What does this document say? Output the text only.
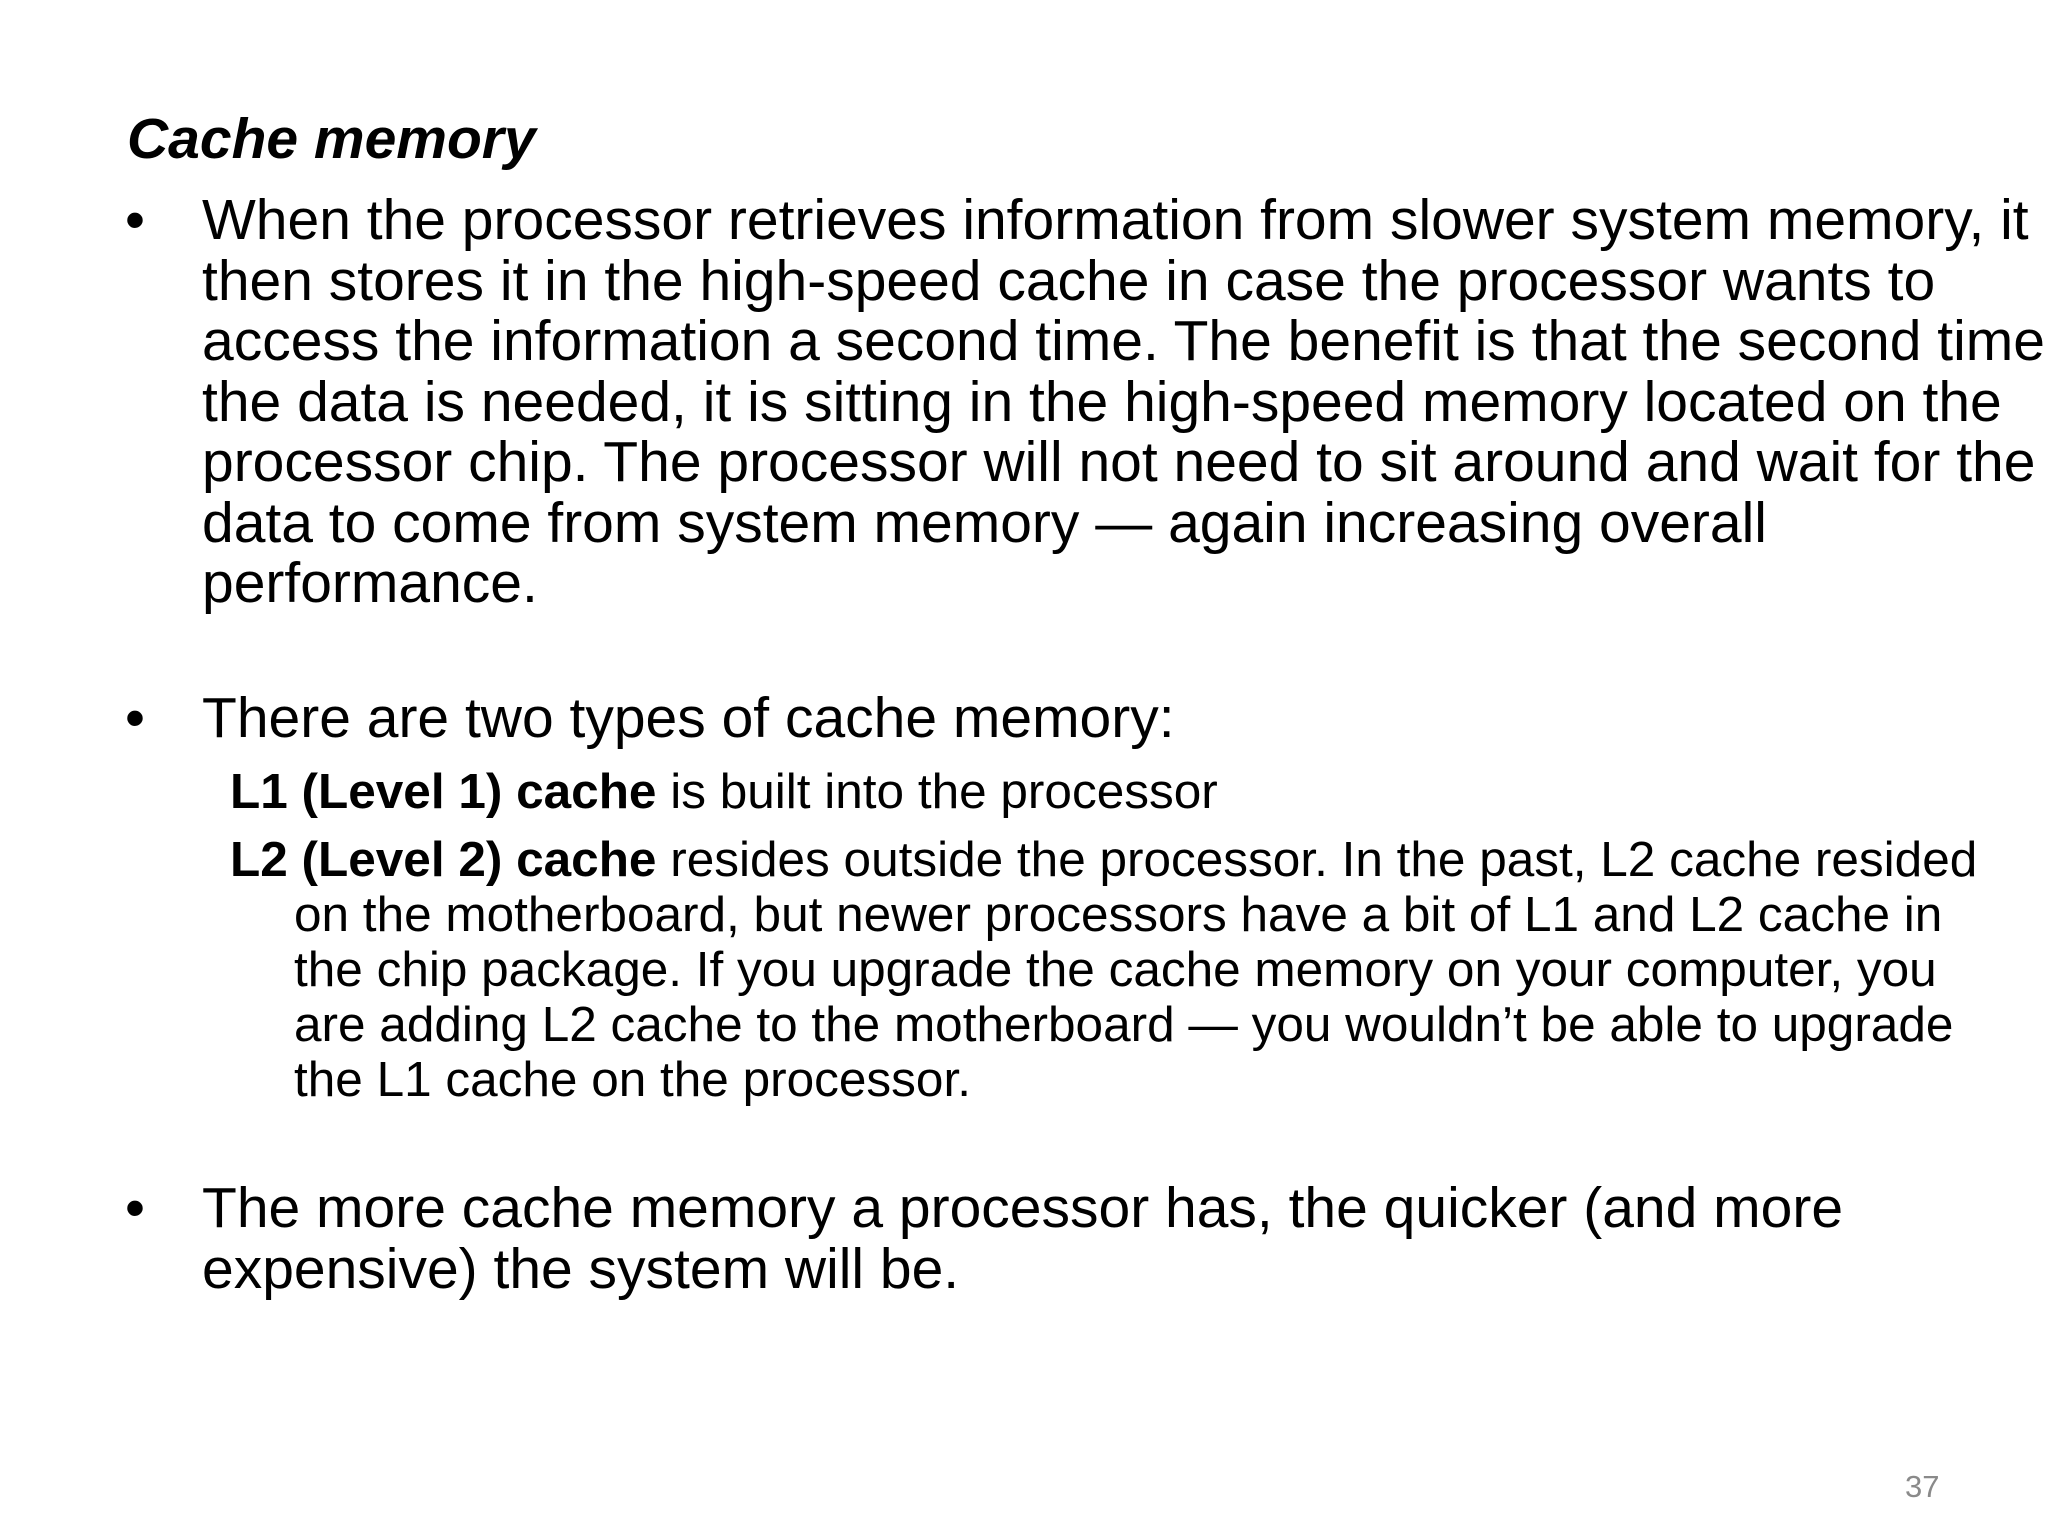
Cache memory
• When the processor retrieves information from slower system memory, it then stores it in the high-speed cache in case the processor wants to access the information a second time. The benefit is that the second time the data is needed, it is sitting in the high-speed memory located on the processor chip. The processor will not need to sit around and wait for the data to come from system memory — again increasing overall performance.
• There are two types of cache memory:
L1 (Level 1) cache is built into the processor
L2 (Level 2) cache resides outside the processor. In the past, L2 cache resided on the motherboard, but newer processors have a bit of L1 and L2 cache in the chip package. If you upgrade the cache memory on your computer, you are adding L2 cache to the motherboard — you wouldn’t be able to upgrade the L1 cache on the processor.
• The more cache memory a processor has, the quicker (and more expensive) the system will be.
37
